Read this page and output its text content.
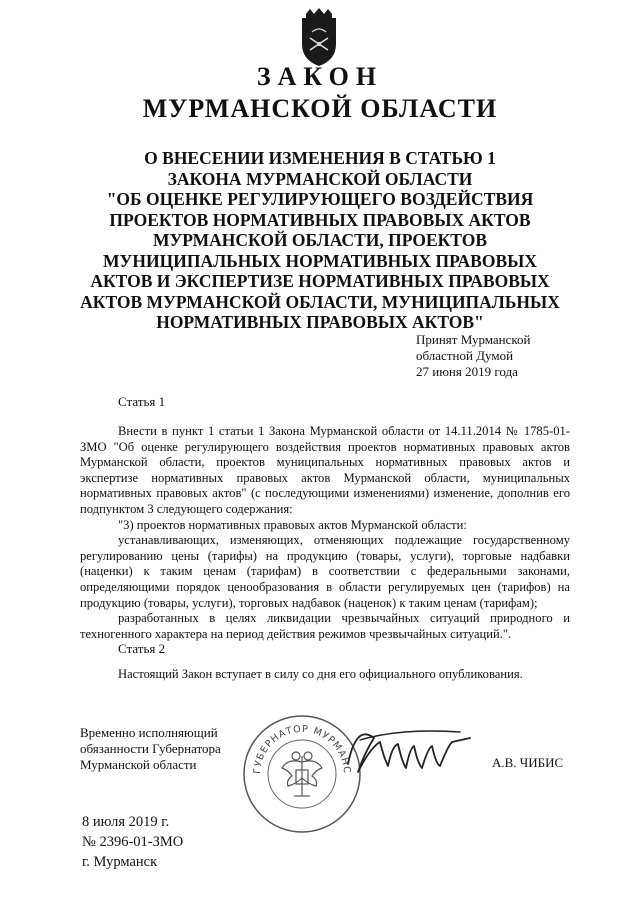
ЗАКОН
МУРМАНСКОЙ ОБЛАСТИ
О ВНЕСЕНИИ ИЗМЕНЕНИЯ В СТАТЬЮ 1
ЗАКОНА МУРМАНСКОЙ ОБЛАСТИ
"ОБ ОЦЕНКЕ РЕГУЛИРУЮЩЕГО ВОЗДЕЙСТВИЯ
ПРОЕКТОВ НОРМАТИВНЫХ ПРАВОВЫХ АКТОВ
МУРМАНСКОЙ ОБЛАСТИ, ПРОЕКТОВ
МУНИЦИПАЛЬНЫХ НОРМАТИВНЫХ ПРАВОВЫХ
АКТОВ И ЭКСПЕРТИЗЕ НОРМАТИВНЫХ ПРАВОВЫХ
АКТОВ МУРМАНСКОЙ ОБЛАСТИ, МУНИЦИПАЛЬНЫХ
НОРМАТИВНЫХ ПРАВОВЫХ АКТОВ"
Принят Мурманской
областной Думой
27 июня 2019 года
Статья 1

Внести в пункт 1 статьи 1 Закона Мурманской области от 14.11.2014 № 1785-01-ЗМО "Об оценке регулирующего воздействия проектов нормативных правовых актов Мурманской области, проектов муниципальных нормативных правовых актов и экспертизе нормативных правовых актов Мурманской области, муниципальных нормативных правовых актов" (с последующими изменениями) изменение, дополнив его подпунктом 3 следующего содержания:

"3) проектов нормативных правовых актов Мурманской области:

устанавливающих, изменяющих, отменяющих подлежащие государственному регулированию цены (тарифы) на продукцию (товары, услуги), торговые надбавки (наценки) к таким ценам (тарифам) в соответствии с федеральными законами, определяющими порядок ценообразования в области регулируемых цен (тарифов) на продукцию (товары, услуги), торговых надбавок (наценок) к таким ценам (тарифам);

разработанных в целях ликвидации чрезвычайных ситуаций природного и техногенного характера на период действия режимов чрезвычайных ситуаций.".

Статья 2

Настоящий Закон вступает в силу со дня его официального опубликования.

Временно исполняющий
обязанности Губернатора
Мурманской области	ГУБЕРНАТОР МУРМАНС
А.В. ЧИБИС
8 июля 2019 г.
№ 2396-01-ЗМО
г. Мурманск
